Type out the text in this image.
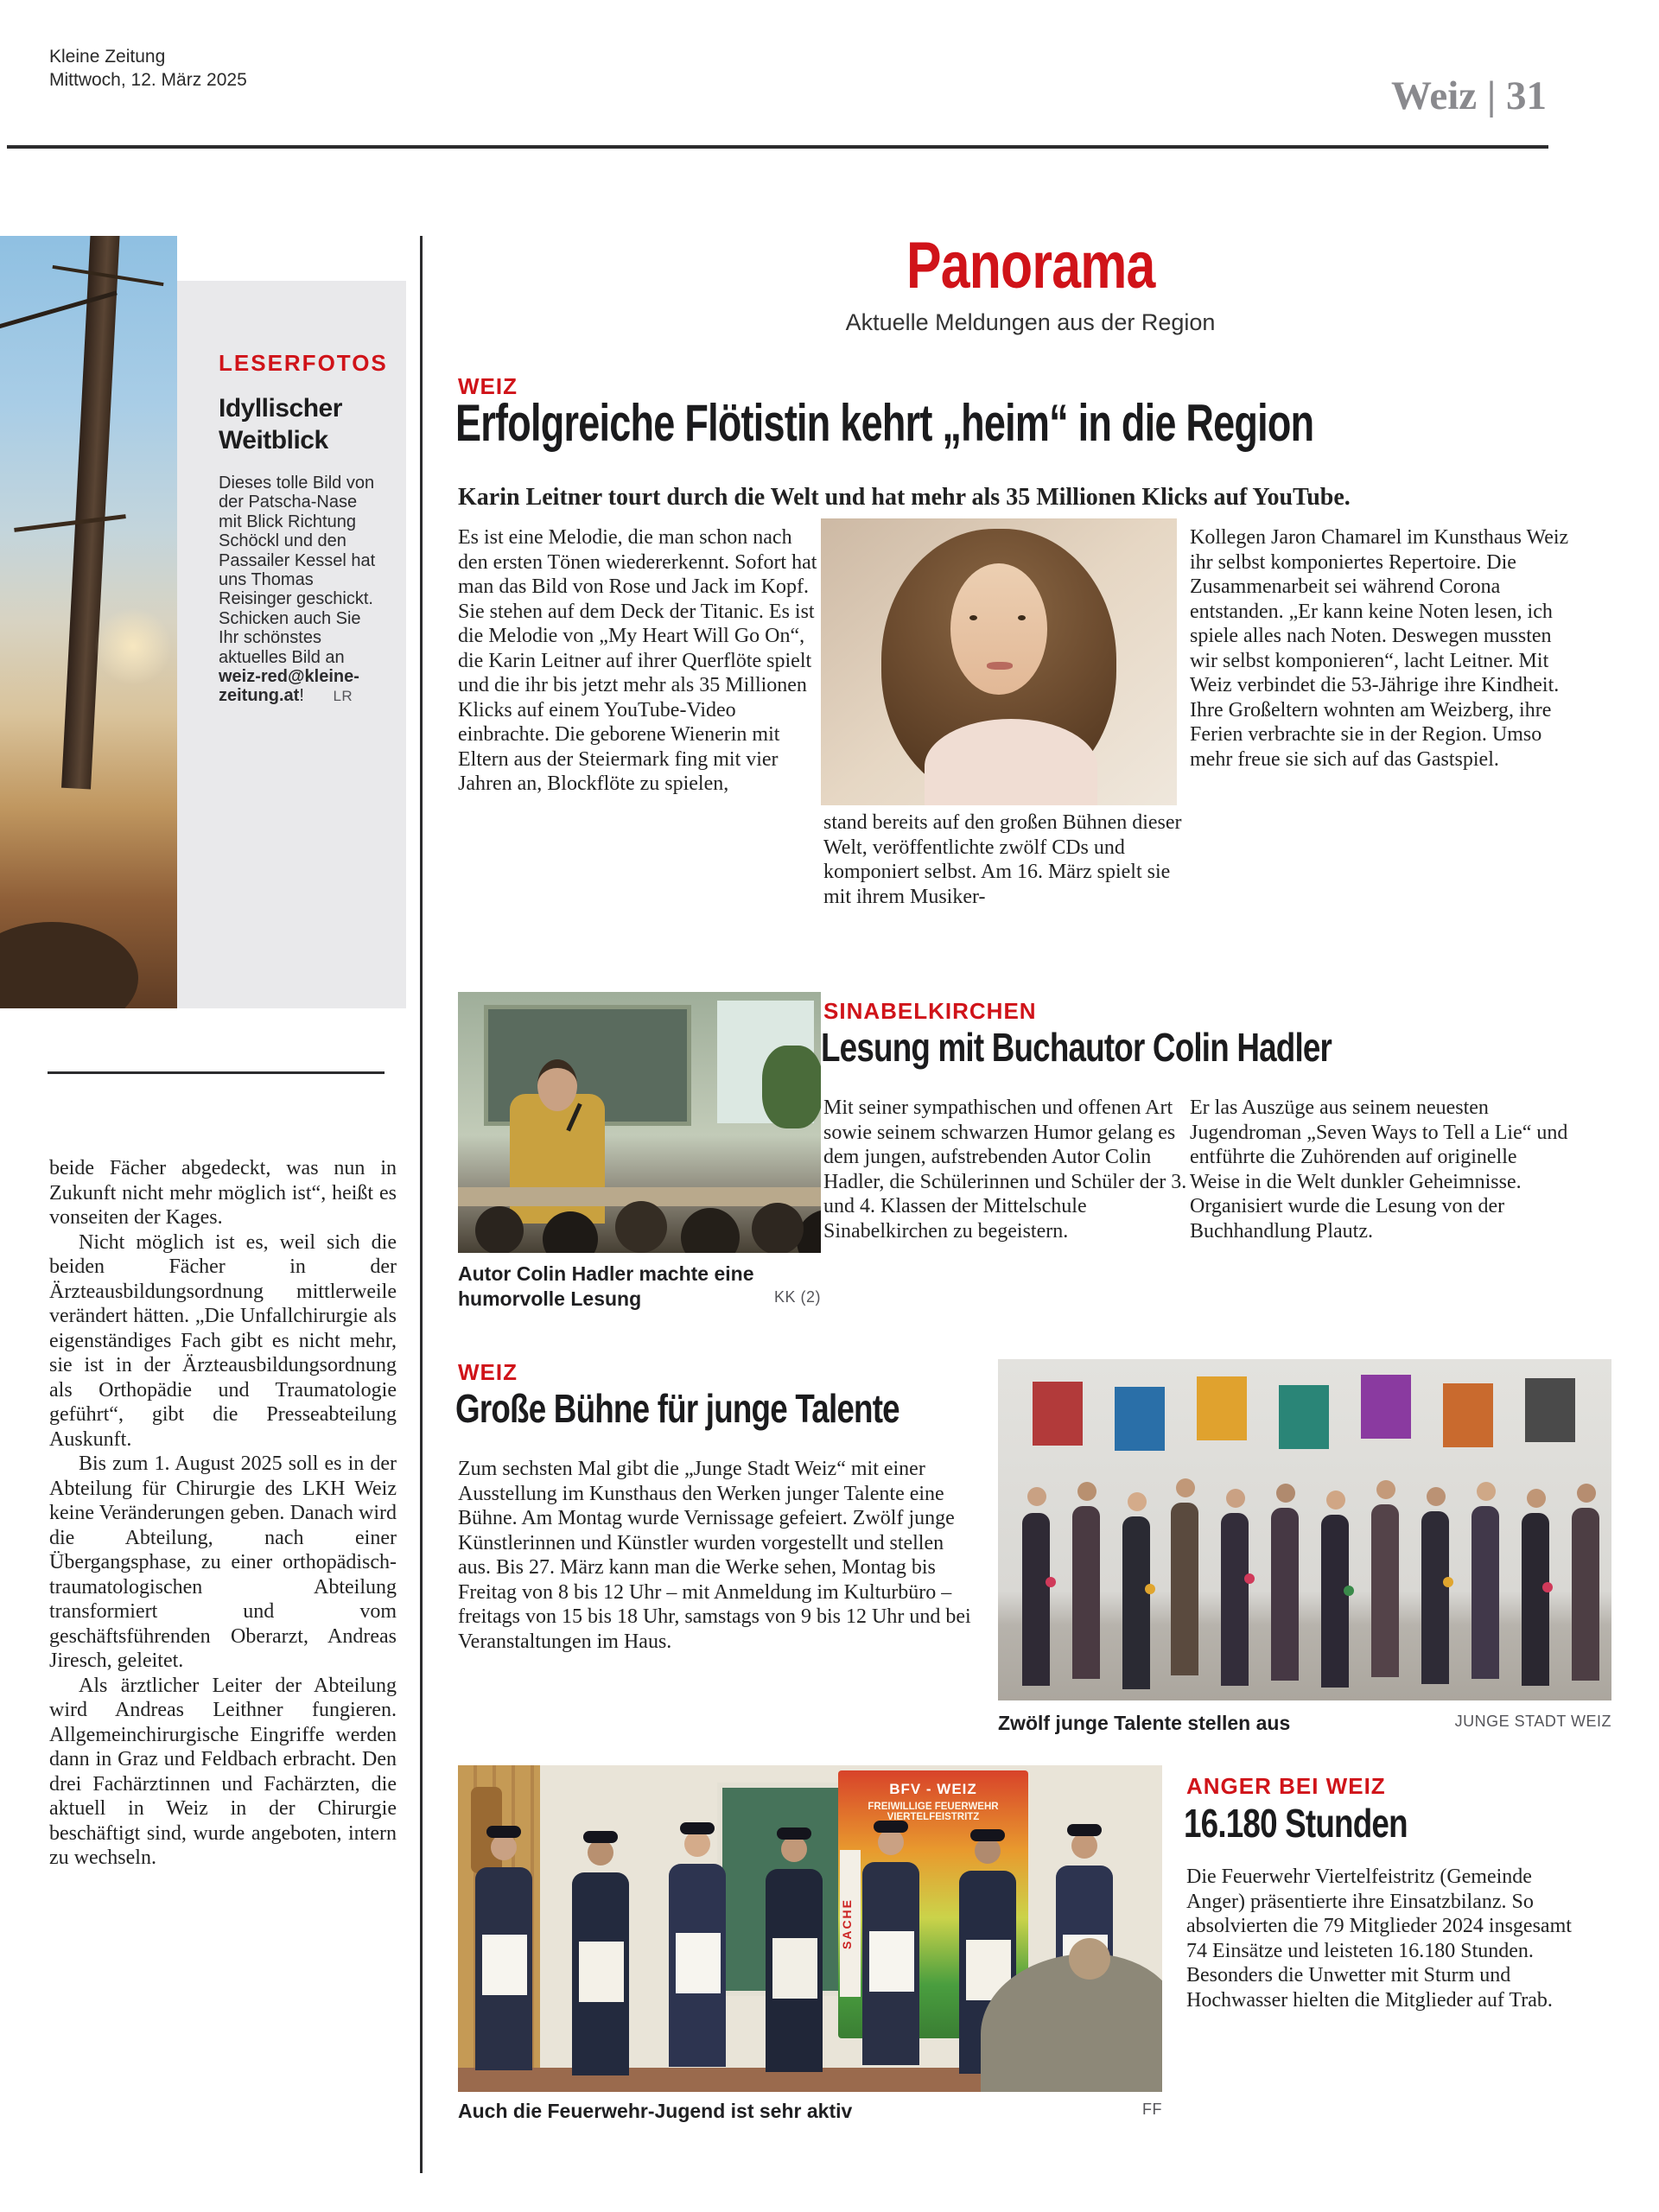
Kleine Zeitung
Mittwoch, 12. März 2025	Weiz | 31
Panorama
Aktuelle Meldungen aus der Region
LESERFOTOS
Idyllischer Weitblick
Dieses tolle Bild von der Patscha-Nase mit Blick Richtung Schöckl und den Passailer Kessel hat uns Thomas Reisinger geschickt. Schicken auch Sie Ihr schönstes aktuelles Bild an weiz-red@kleine-zeitung.at! LR

beide Fächer abgedeckt, was nun in Zukunft nicht mehr möglich ist“, heißt es vonseiten der Kages.

Nicht möglich ist es, weil sich die beiden Fächer in der Ärzteausbildungsordnung mittlerweile verändert hätten. „Die Unfallchirurgie als eigenständiges Fach gibt es nicht mehr, sie ist in der Ärzteausbildungsordnung als Orthopädie und Traumatologie geführt“, gibt die Presseabteilung Auskunft.

Bis zum 1. August 2025 soll es in der Abteilung für Chirurgie des LKH Weiz keine Veränderungen geben. Danach wird die Abteilung, nach einer Übergangsphase, zu einer orthopädisch-traumatologischen Abteilung transformiert und vom geschäftsführenden Oberarzt, Andreas Jiresch, geleitet.

Als ärztlicher Leiter der Abteilung wird Andreas Leithner fungieren. Allgemeinchirurgische Eingriffe werden dann in Graz und Feldbach erbracht. Den drei Fachärztinnen und Fachärzten, die aktuell in Weiz in der Chirurgie beschäftigt sind, wurde angeboten, intern zu wechseln.

WEIZ
Erfolgreiche Flötistin kehrt „heim“ in die Region
Karin Leitner tourt durch die Welt und hat mehr als 35 Millionen Klicks auf YouTube.
Es ist eine Melodie, die man schon nach den ersten Tönen wiedererkennt. Sofort hat man das Bild von Rose und Jack im Kopf. Sie stehen auf dem Deck der Titanic. Es ist die Melodie von „My Heart Will Go On“, die Karin Leitner auf ihrer Querflöte spielt und die ihr bis jetzt mehr als 35 Millionen Klicks auf einem YouTube-Video einbrachte. Die geborene Wienerin mit Eltern aus der Steiermark fing mit vier Jahren an, Blockflöte zu spielen,
stand bereits auf den großen Bühnen dieser Welt, veröffentlichte zwölf CDs und komponiert selbst. Am 16. März spielt sie mit ihrem Musiker-
Kollegen Jaron Chamarel im Kunsthaus Weiz ihr selbst komponiertes Repertoire. Die Zusammenarbeit sei während Corona entstanden. „Er kann keine Noten lesen, ich spiele alles nach Noten. Deswegen mussten wir selbst komponieren“, lacht Leitner. Mit Weiz verbindet die 53-Jährige ihre Kindheit. Ihre Großeltern wohnten am Weizberg, ihre Ferien verbrachte sie in der Region. Umso mehr freue sie sich auf das Gastspiel.
Autor Colin Hadler machte eine humorvolle Lesung	KK (2)
SINABELKIRCHEN
Lesung mit Buchautor Colin Hadler
Mit seiner sympathischen und offenen Art sowie seinem schwarzen Humor gelang es dem jungen, aufstrebenden Autor Colin Hadler, die Schülerinnen und Schüler der 3. und 4. Klassen der Mittelschule Sinabelkirchen zu begeistern.
Er las Auszüge aus seinem neuesten Jugendroman „Seven Ways to Tell a Lie“ und entführte die Zuhörenden auf originelle Weise in die Welt dunkler Geheimnisse. Organisiert wurde die Lesung von der Buchhandlung Plautz.
WEIZ
Große Bühne für junge Talente
Zum sechsten Mal gibt die „Junge Stadt Weiz“ mit einer Ausstellung im Kunsthaus den Werken junger Talente eine Bühne. Am Montag wurde Vernissage gefeiert. Zwölf junge Künstlerinnen und Künstler wurden vorgestellt und stellen aus. Bis 27. März kann man die Werke sehen, Montag bis Freitag von 8 bis 12 Uhr – mit Anmeldung im Kulturbüro – freitags von 15 bis 18 Uhr, samstags von 9 bis 12 Uhr und bei Veranstaltungen im Haus.
Zwölf junge Talente stellen aus	JUNGE STADT WEIZ
ANGER BEI WEIZ
16.180 Stunden
Die Feuerwehr Viertelfeistritz (Gemeinde Anger) präsentierte ihre Einsatzbilanz. So absolvierten die 79 Mitglieder 2024 insgesamt 74 Einsätze und leisteten 16.180 Stunden. Besonders die Unwetter mit Sturm und Hochwasser hielten die Mitglieder auf Trab.
BFV - WEIZ
FREIWILLIGE FEUERWEHR
VIERTELFEISTRITZ
SACHE
Auch die Feuerwehr-Jugend ist sehr aktiv	FF
